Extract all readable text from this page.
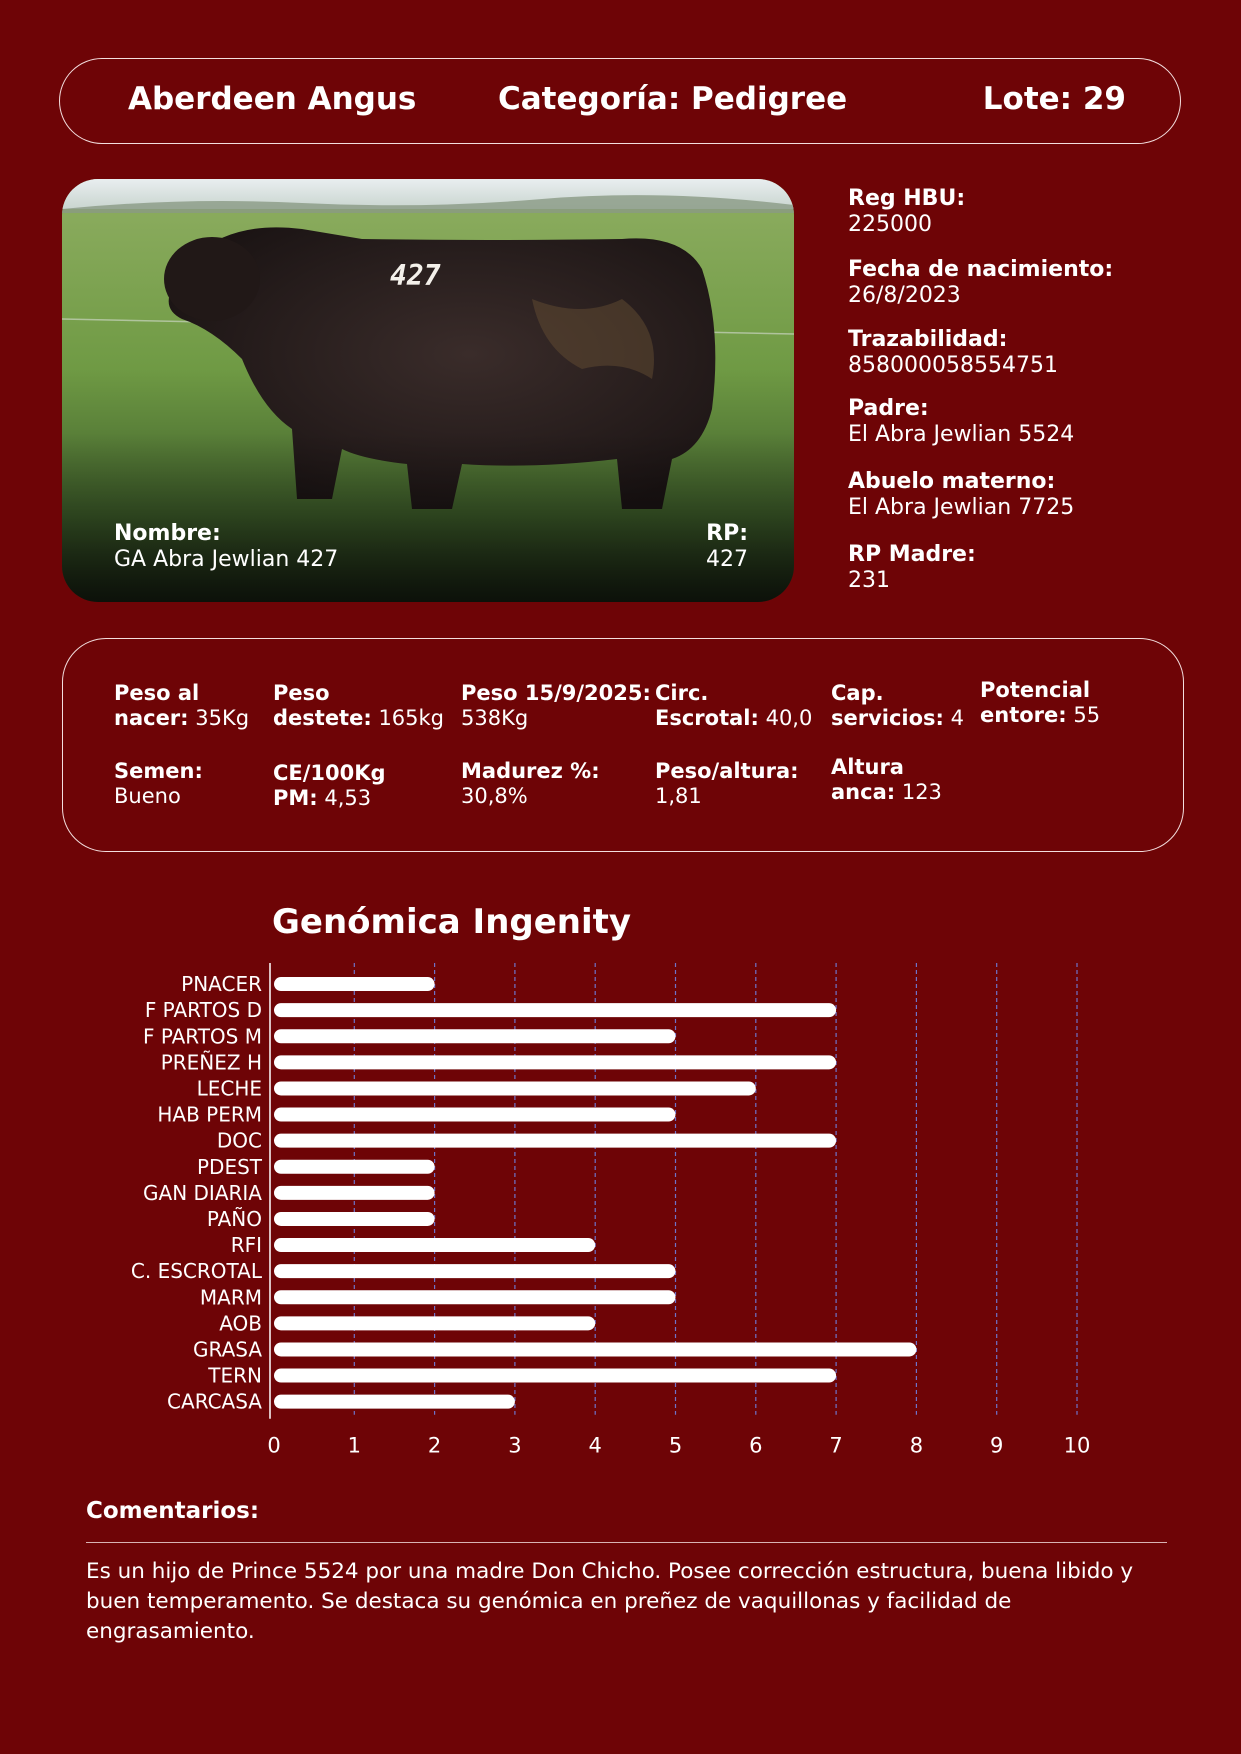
Aberdeen Angus	Categoría: Pedigree	Lote: 29
Nombre:
GA Abra Jewlian 427
RP:
427
Reg HBU:
225000
Fecha de nacimiento:
26/8/2023
Trazabilidad:
858000058554751
Padre:
El Abra Jewlian 5524
Abuelo materno:
El Abra Jewlian 7725
RP Madre:
231
Peso al
nacer: 35Kg
Peso
destete: 165kg
Peso 15/9/2025:
538Kg
Circ.
Escrotal: 40,0
Cap.
servicios: 4
Potencial
entore: 55
Semen:
Bueno
CE/100Kg
PM: 4,53
Madurez %:
30,8%
Peso/altura:
1,81
Altura
anca: 123
Genómica Ingenity
PNACER
F PARTOS D
F PARTOS M
PREÑEZ H
LECHE
HAB PERM
DOC
PDEST
GAN DIARIA
PAÑO
RFI
C. ESCROTAL
MARM
AOB
GRASA
TERN
CARCASA
0	1	2	3	4	5	6	7	8	9	10
Comentarios:
Es un hijo de Prince 5524 por una madre Don Chicho. Posee corrección estructura, buena libido y buen temperamento. Se destaca su genómica en preñez de vaquillonas y facilidad de engrasamiento.
